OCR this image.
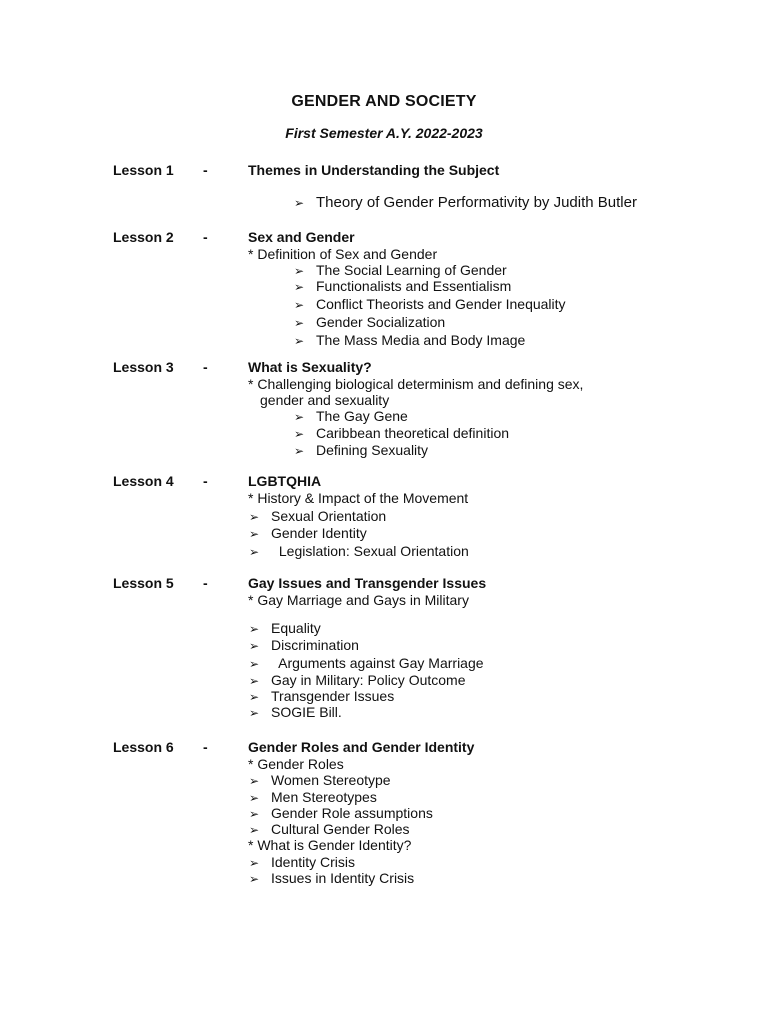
GENDER AND SOCIETY
First Semester A.Y. 2022-2023
Lesson 1 -	Themes in Understanding the Subject
➢ Theory of Gender Performativity by Judith Butler
Lesson 2 -	Sex and Gender
* Definition of Sex and Gender
➢ The Social Learning of Gender
➢ Functionalists and Essentialism
➢ Conflict Theorists and Gender Inequality
➢ Gender Socialization
➢ The Mass Media and Body Image
Lesson 3 -	What is Sexuality?
* Challenging biological determinism and defining sex,
gender and sexuality
➢ The Gay Gene
➢ Caribbean theoretical definition
➢ Defining Sexuality
Lesson 4 -	LGBTQHIA
* History & Impact of the Movement
➢ Sexual Orientation
➢ Gender Identity
➢ Legislation: Sexual Orientation
Lesson 5 -	Gay Issues and Transgender Issues
* Gay Marriage and Gays in Military
➢ Equality
➢ Discrimination
➢ Arguments against Gay Marriage
➢ Gay in Military: Policy Outcome
➢ Transgender Issues
➢ SOGIE Bill.
Lesson 6 -	Gender Roles and Gender Identity
* Gender Roles
➢ Women Stereotype
➢ Men Stereotypes
➢ Gender Role assumptions
➢ Cultural Gender Roles
* What is Gender Identity?
➢ Identity Crisis
➢ Issues in Identity Crisis
